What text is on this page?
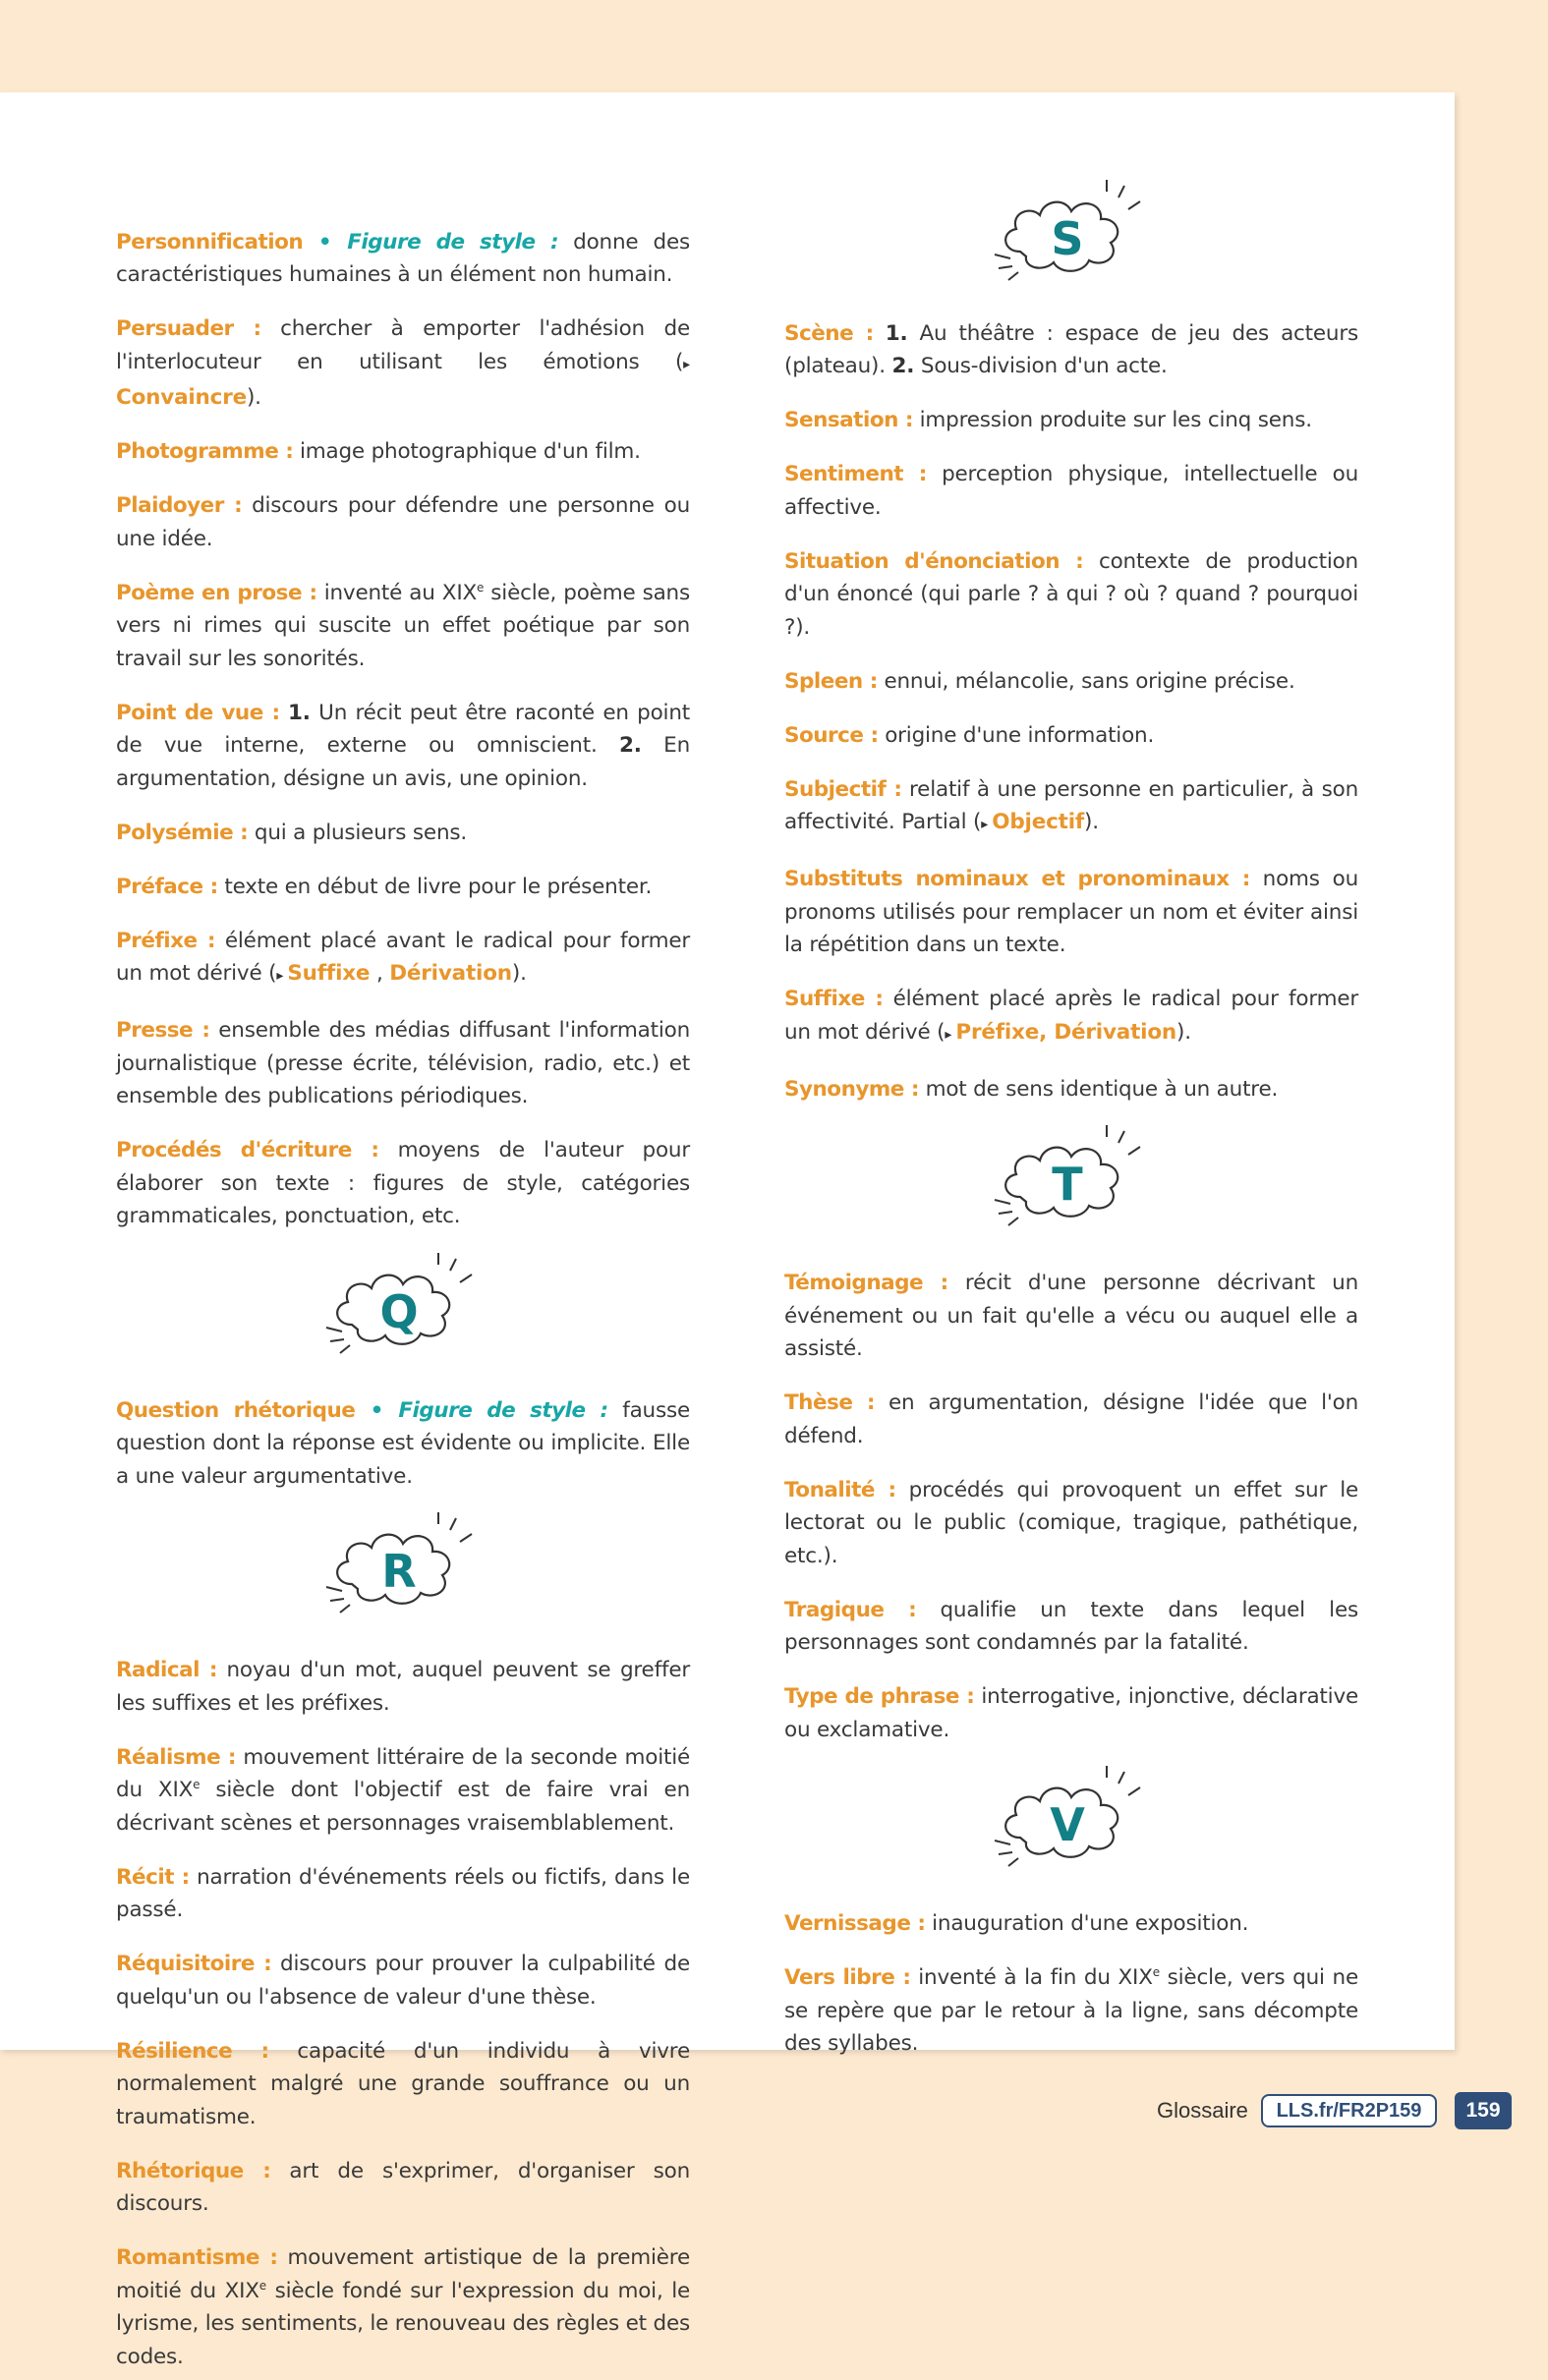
Personnification • Figure de style : donne des caractéristiques humaines à un élément non humain.

Persuader : chercher à emporter l'adhésion de l'interlocuteur en utilisant les émotions (▸ Convaincre).

Photogramme : image photographique d'un film.

Plaidoyer : discours pour défendre une personne ou une idée.

Poème en prose : inventé au XIXe siècle, poème sans vers ni rimes qui suscite un effet poétique par son travail sur les sonorités.

Point de vue : 1. Un récit peut être raconté en point de vue interne, externe ou omniscient. 2. En argumentation, désigne un avis, une opinion.

Polysémie : qui a plusieurs sens.

Préface : texte en début de livre pour le présenter.

Préfixe : élément placé avant le radical pour former un mot dérivé (▸ Suffixe , Dérivation).

Presse : ensemble des médias diffusant l'information journalistique (presse écrite, télévision, radio, etc.) et ensemble des publications périodiques.

Procédés d'écriture : moyens de l'auteur pour élaborer son texte : figures de style, catégories grammaticales, ponctuation, etc.

Q

Question rhétorique • Figure de style : fausse question dont la réponse est évidente ou implicite. Elle a une valeur argumentative.

R

Radical : noyau d'un mot, auquel peuvent se greffer les suffixes et les préfixes.

Réalisme : mouvement littéraire de la seconde moitié du XIXe siècle dont l'objectif est de faire vrai en décrivant scènes et personnages vraisemblablement.

Récit : narration d'événements réels ou fictifs, dans le passé.

Réquisitoire : discours pour prouver la culpabilité de quelqu'un ou l'absence de valeur d'une thèse.

Résilience : capacité d'un individu à vivre normalement malgré une grande souffrance ou un traumatisme.

Rhétorique : art de s'exprimer, d'organiser son discours.

Romantisme : mouvement artistique de la première moitié du XIXe siècle fondé sur l'expression du moi, le lyrisme, les sentiments, le renouveau des règles et des codes.

S

Scène : 1. Au théâtre : espace de jeu des acteurs (plateau). 2. Sous-division d'un acte.

Sensation : impression produite sur les cinq sens.

Sentiment : perception physique, intellectuelle ou affective.

Situation d'énonciation : contexte de production d'un énoncé (qui parle ? à qui ? où ? quand ? pourquoi ?).

Spleen : ennui, mélancolie, sans origine précise.

Source : origine d'une information.

Subjectif : relatif à une personne en particulier, à son affectivité. Partial (▸ Objectif).

Substituts nominaux et pronominaux : noms ou pronoms utilisés pour remplacer un nom et éviter ainsi la répétition dans un texte.

Suffixe : élément placé après le radical pour former un mot dérivé (▸ Préfixe, Dérivation).

Synonyme : mot de sens identique à un autre.

T

Témoignage : récit d'une personne décrivant un événement ou un fait qu'elle a vécu ou auquel elle a assisté.

Thèse : en argumentation, désigne l'idée que l'on défend.

Tonalité : procédés qui provoquent un effet sur le lectorat ou le public (comique, tragique, pathétique, etc.).

Tragique : qualifie un texte dans lequel les personnages sont condamnés par la fatalité.

Type de phrase : interrogative, injonctive, déclarative ou exclamative.

V

Vernissage : inauguration d'une exposition.

Vers libre : inventé à la fin du XIXe siècle, vers qui ne se repère que par le retour à la ligne, sans décompte des syllabes.

Glossaire	LLS.fr/FR2P159	159
